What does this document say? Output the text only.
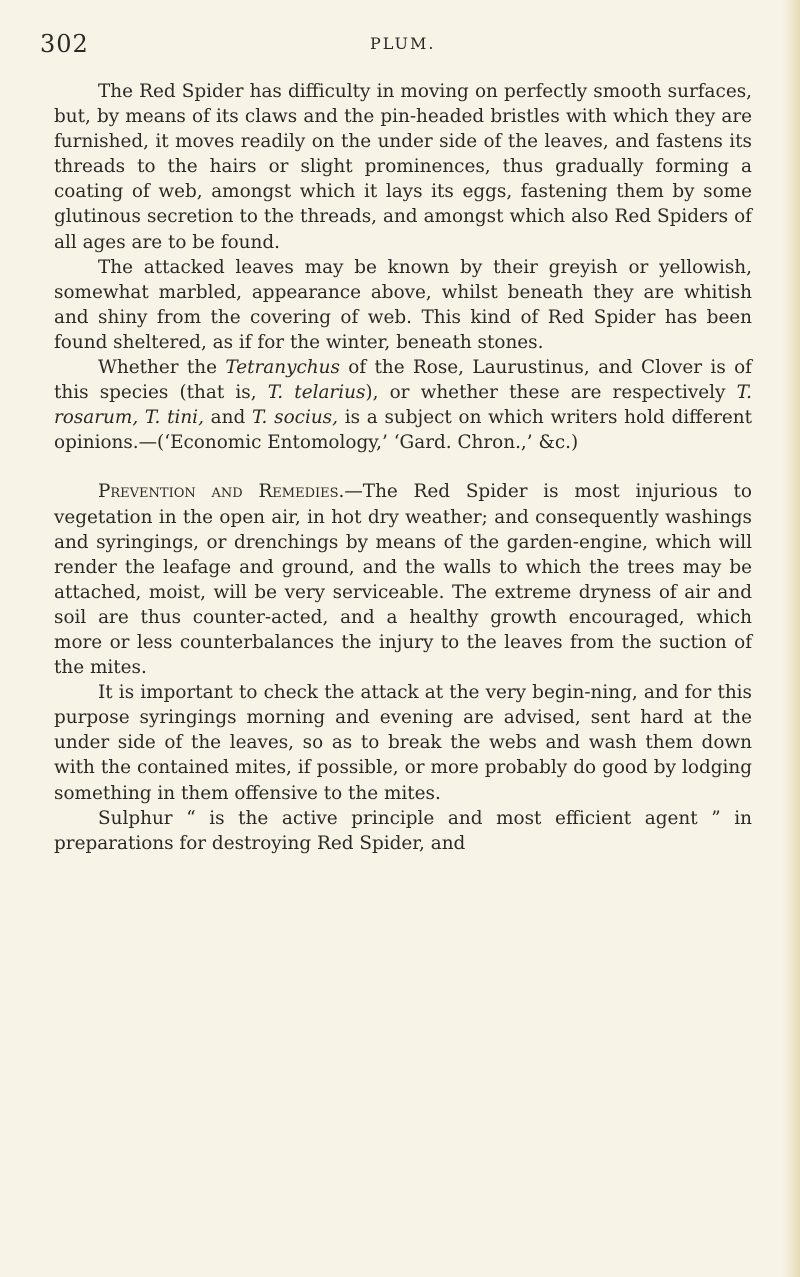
302	PLUM.

The Red Spider has difficulty in moving on perfectly smooth surfaces, but, by means of its claws and the pin-headed bristles with which they are furnished, it moves readily on the under side of the leaves, and fastens its threads to the hairs or slight prominences, thus gradually forming a coating of web, amongst which it lays its eggs, fastening them by some glutinous secretion to the threads, and amongst which also Red Spiders of all ages are to be found.

The attacked leaves may be known by their greyish or yellowish, somewhat marbled, appearance above, whilst beneath they are whitish and shiny from the covering of web. This kind of Red Spider has been found sheltered, as if for the winter, beneath stones.

Whether the Tetranychus of the Rose, Laurustinus, and Clover is of this species (that is, T. telarius), or whether these are respectively T. rosarum, T. tini, and T. socius, is a subject on which writers hold different opinions.—(‘Economic Entomology,’ ‘Gard. Chron.,’ &c.)

Prevention and Remedies.—The Red Spider is most injurious to vegetation in the open air, in hot dry weather; and consequently washings and syringings, or drenchings by means of the garden-engine, which will render the leafage and ground, and the walls to which the trees may be attached, moist, will be very serviceable. The extreme dryness of air and soil are thus counter-acted, and a healthy growth encouraged, which more or less counterbalances the injury to the leaves from the suction of the mites.

It is important to check the attack at the very begin-ning, and for this purpose syringings morning and evening are advised, sent hard at the under side of the leaves, so as to break the webs and wash them down with the contained mites, if possible, or more probably do good by lodging something in them offensive to the mites.

Sulphur “ is the active principle and most efficient agent ” in preparations for destroying Red Spider, and
